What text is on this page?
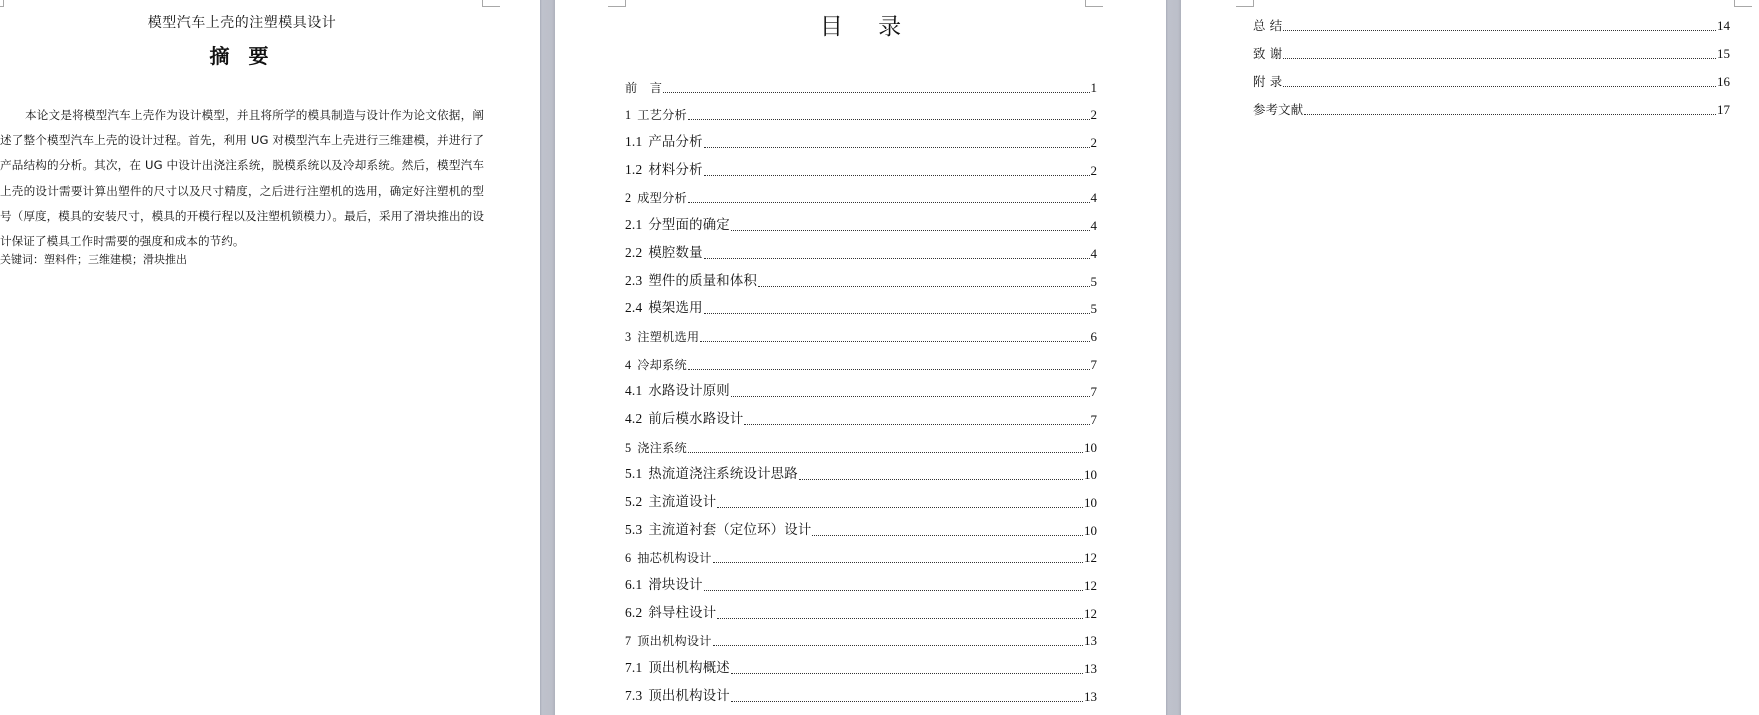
模型汽车上壳的注塑模具设计
摘 要

本论文是将模型汽车上壳作为设计模型，并且将所学的模具制造与设计作为论文依据，阐述了整个模型汽车上壳的设计过程。首先，利用 UG 对模型汽车上壳进行三维建模，并进行了产品结构的分析。其次，在 UG 中设计出浇注系统，脱模系统以及冷却系统。然后，模型汽车上壳的设计需要计算出塑件的尺寸以及尺寸精度，之后进行注塑机的选用，确定好注塑机的型号（厚度，模具的安装尺寸，模具的开模行程以及注塑机锁模力）。最后，采用了滑块推出的设计保证了模具工作时需要的强度和成本的节约。

关键词：塑料件；三维建模；滑块推出
目 录
前　言	1
1 工艺分析	2
1.1 产品分析	2
1.2 材料分析	2
2 成型分析	4
2.1 分型面的确定	4
2.2 模腔数量	4
2.3 塑件的质量和体积	5
2.4 模架选用	5
3 注塑机选用	6
4 冷却系统	7
4.1 水路设计原则	7
4.2 前后模水路设计	7
5 浇注系统	10
5.1 热流道浇注系统设计思路	10
5.2 主流道设计	10
5.3 主流道衬套（定位环）设计	10
6 抽芯机构设计	12
6.1 滑块设计	12
6.2 斜导柱设计	12
7 顶出机构设计	13
7.1 顶出机构概述	13
7.3 顶出机构设计	13
总 结	14
致 谢	15
附 录	16
参考文献	17
